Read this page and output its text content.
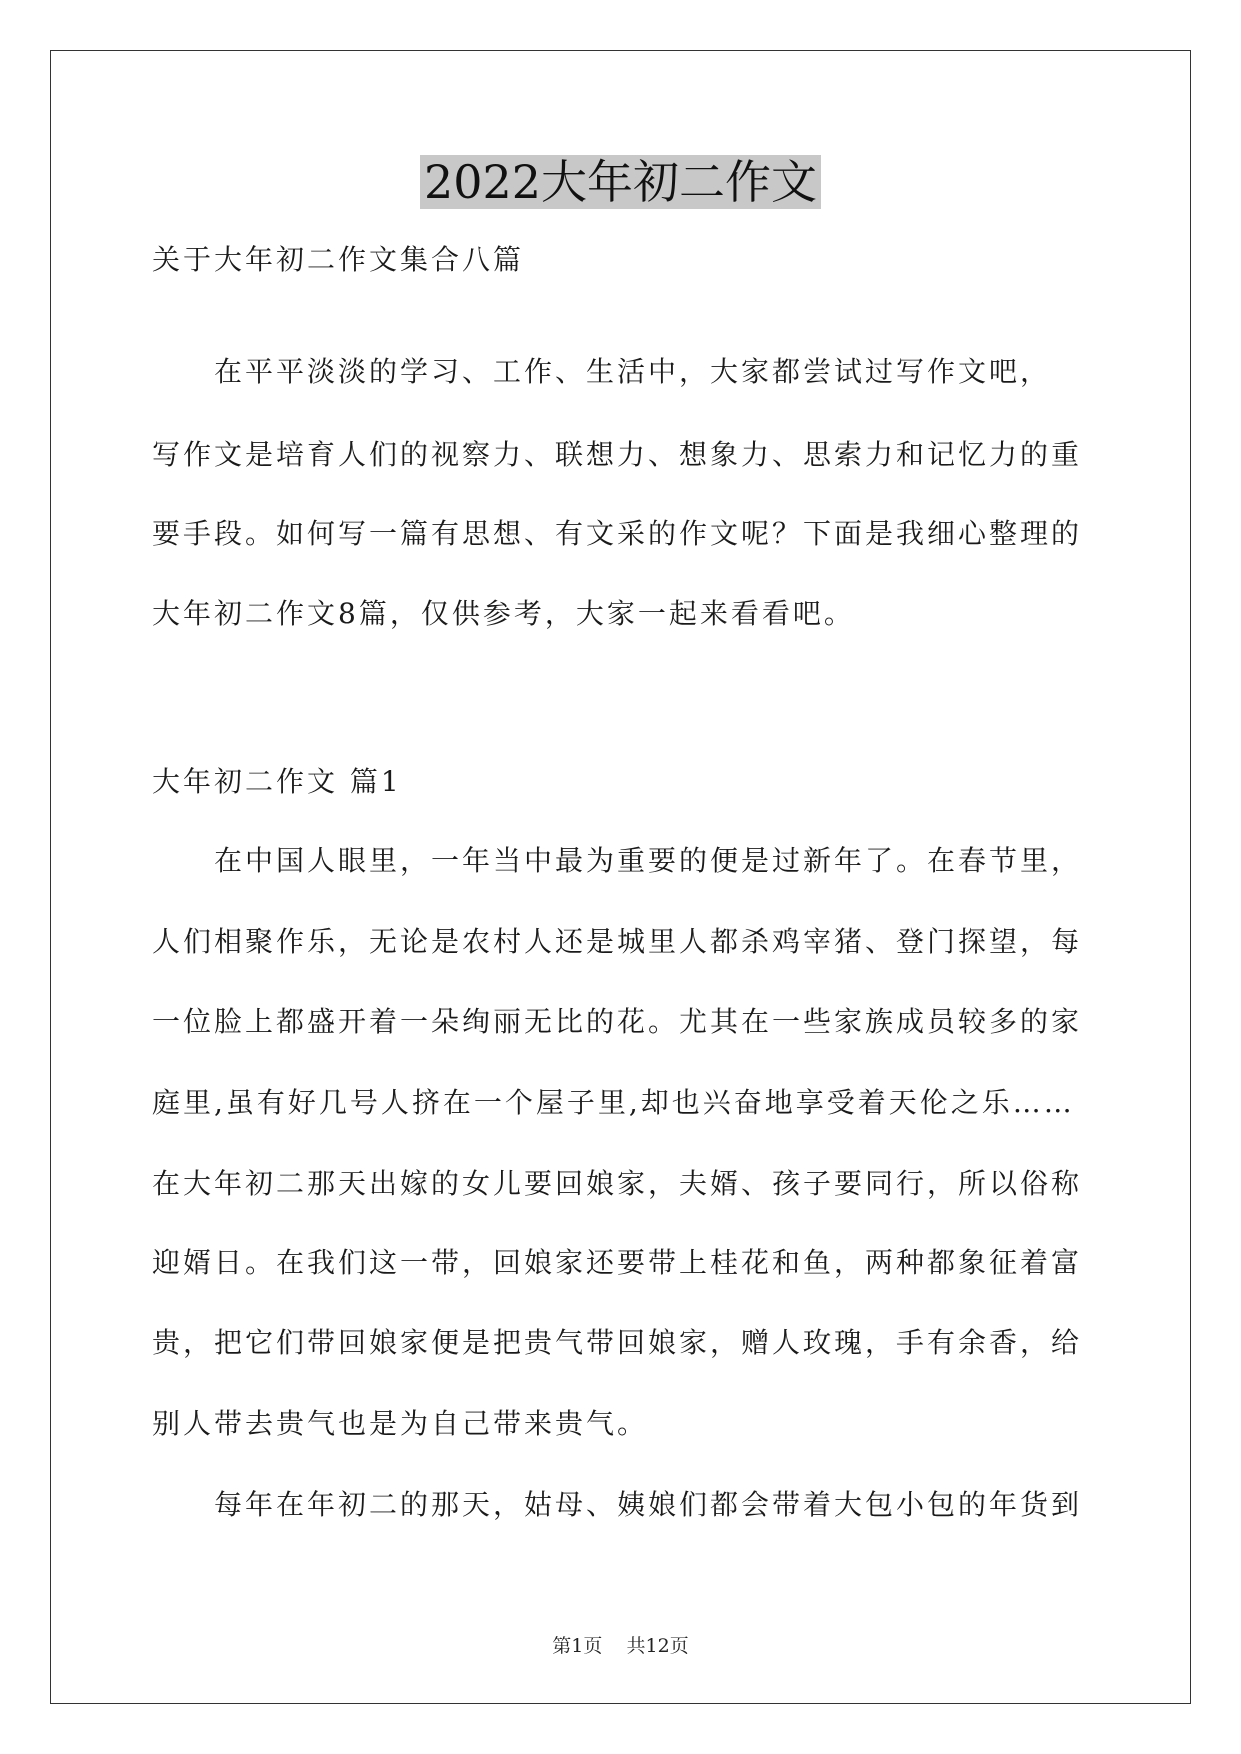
2022大年初二作文
关于大年初二作文集合八篇
　　在平平淡淡的学习、工作、生活中，大家都尝试过写作文吧，
写作文是培育人们的视察力、联想力、想象力、思索力和记忆力的重
要手段。如何写一篇有思想、有文采的作文呢？下面是我细心整理的
大年初二作文8篇，仅供参考，大家一起来看看吧。
大年初二作文 篇1
　　在中国人眼里，一年当中最为重要的便是过新年了。在春节里，
人们相聚作乐，无论是农村人还是城里人都杀鸡宰猪、登门探望，每
一位脸上都盛开着一朵绚丽无比的花。尤其在一些家族成员较多的家
庭里,虽有好几号人挤在一个屋子里,却也兴奋地享受着天伦之乐……
在大年初二那天出嫁的女儿要回娘家，夫婿、孩子要同行，所以俗称
迎婿日。在我们这一带，回娘家还要带上桂花和鱼，两种都象征着富
贵，把它们带回娘家便是把贵气带回娘家，赠人玫瑰，手有余香，给
别人带去贵气也是为自己带来贵气。
　　每年在年初二的那天，姑母、姨娘们都会带着大包小包的年货到
第1页 共12页
